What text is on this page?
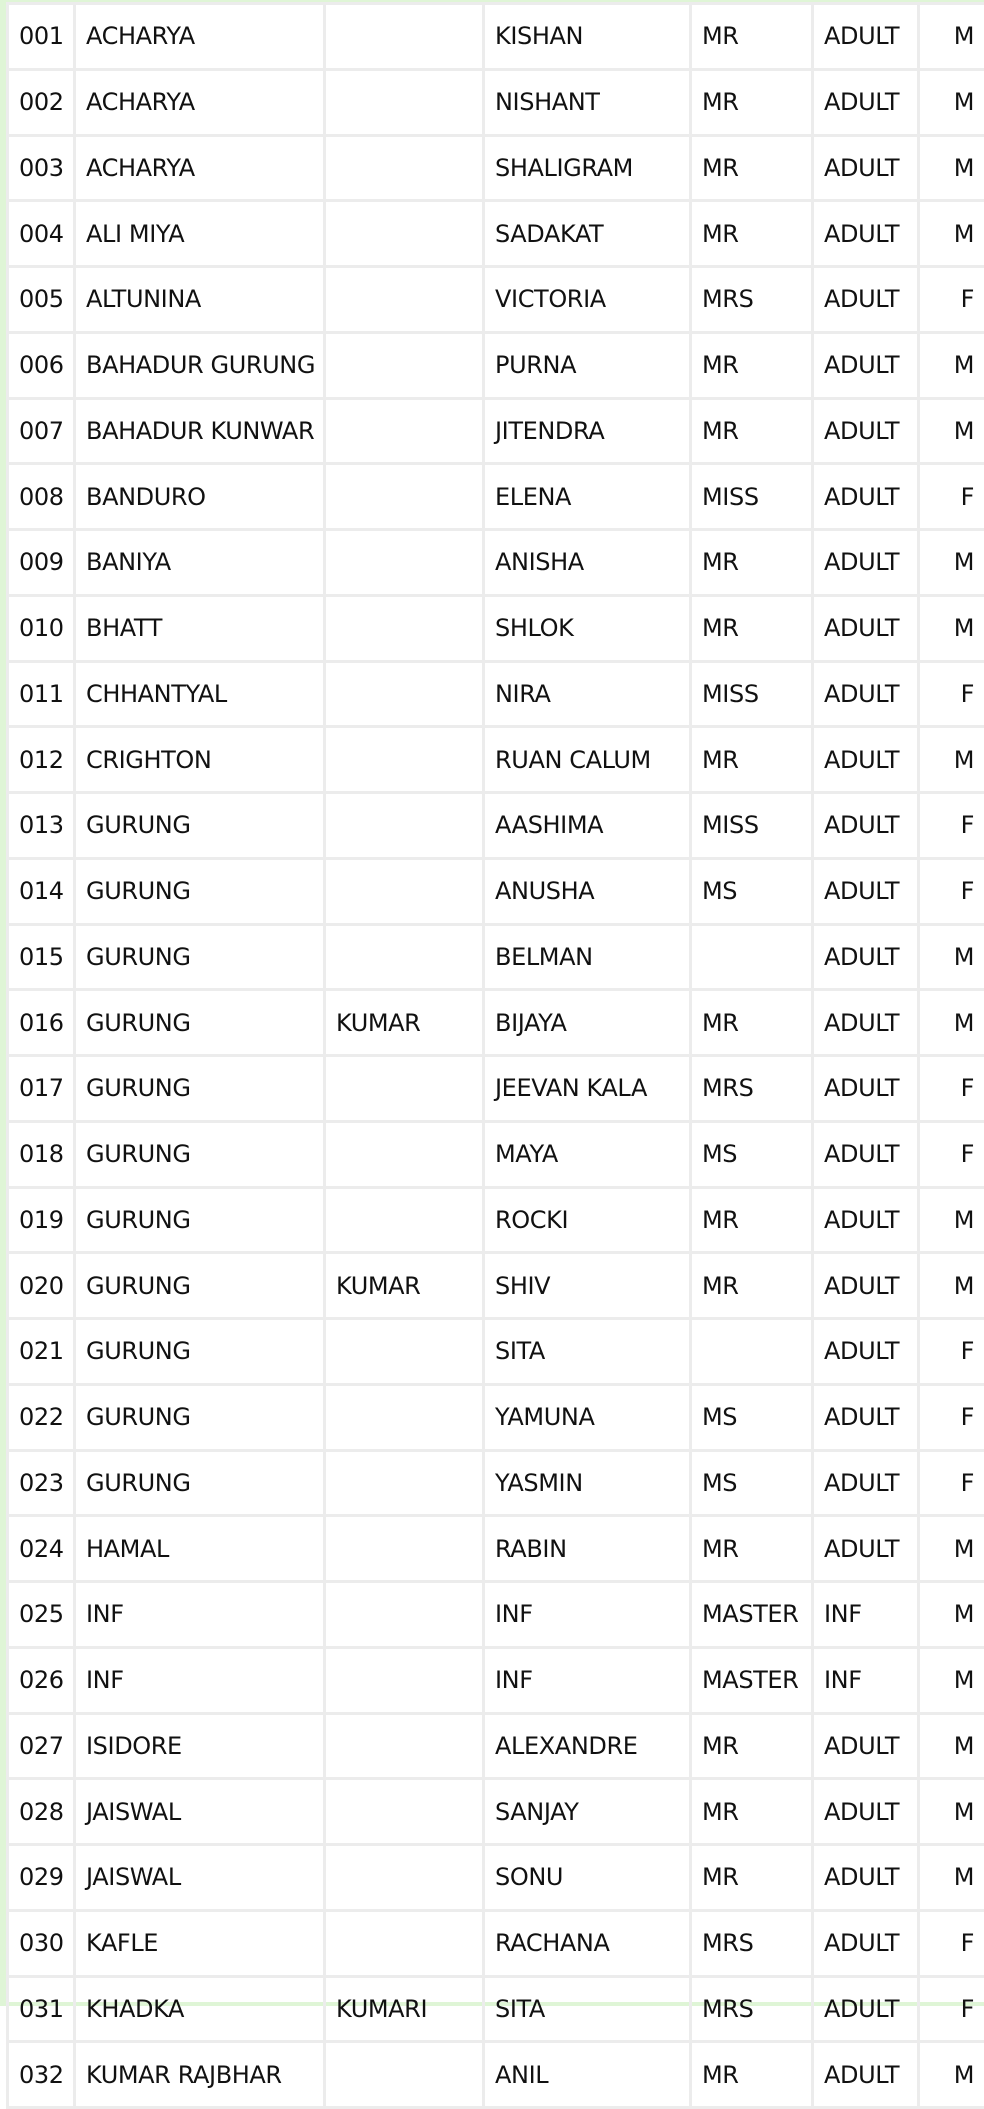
001	ACHARYA		KISHAN	MR	ADULT	M
002	ACHARYA		NISHANT	MR	ADULT	M
003	ACHARYA		SHALIGRAM	MR	ADULT	M
004	ALI MIYA		SADAKAT	MR	ADULT	M
005	ALTUNINA		VICTORIA	MRS	ADULT	F
006	BAHADUR GURUNG		PURNA	MR	ADULT	M
007	BAHADUR KUNWAR		JITENDRA	MR	ADULT	M
008	BANDURO		ELENA	MISS	ADULT	F
009	BANIYA		ANISHA	MR	ADULT	M
010	BHATT		SHLOK	MR	ADULT	M
011	CHHANTYAL		NIRA	MISS	ADULT	F
012	CRIGHTON		RUAN CALUM	MR	ADULT	M
013	GURUNG		AASHIMA	MISS	ADULT	F
014	GURUNG		ANUSHA	MS	ADULT	F
015	GURUNG		BELMAN		ADULT	M
016	GURUNG	KUMAR	BIJAYA	MR	ADULT	M
017	GURUNG		JEEVAN KALA	MRS	ADULT	F
018	GURUNG		MAYA	MS	ADULT	F
019	GURUNG		ROCKI	MR	ADULT	M
020	GURUNG	KUMAR	SHIV	MR	ADULT	M
021	GURUNG		SITA		ADULT	F
022	GURUNG		YAMUNA	MS	ADULT	F
023	GURUNG		YASMIN	MS	ADULT	F
024	HAMAL		RABIN	MR	ADULT	M
025	INF		INF	MASTER	INF	M
026	INF		INF	MASTER	INF	M
027	ISIDORE		ALEXANDRE	MR	ADULT	M
028	JAISWAL		SANJAY	MR	ADULT	M
029	JAISWAL		SONU	MR	ADULT	M
030	KAFLE		RACHANA	MRS	ADULT	F
031	KHADKA	KUMARI	SITA	MRS	ADULT	F
032	KUMAR RAJBHAR		ANIL	MR	ADULT	M
